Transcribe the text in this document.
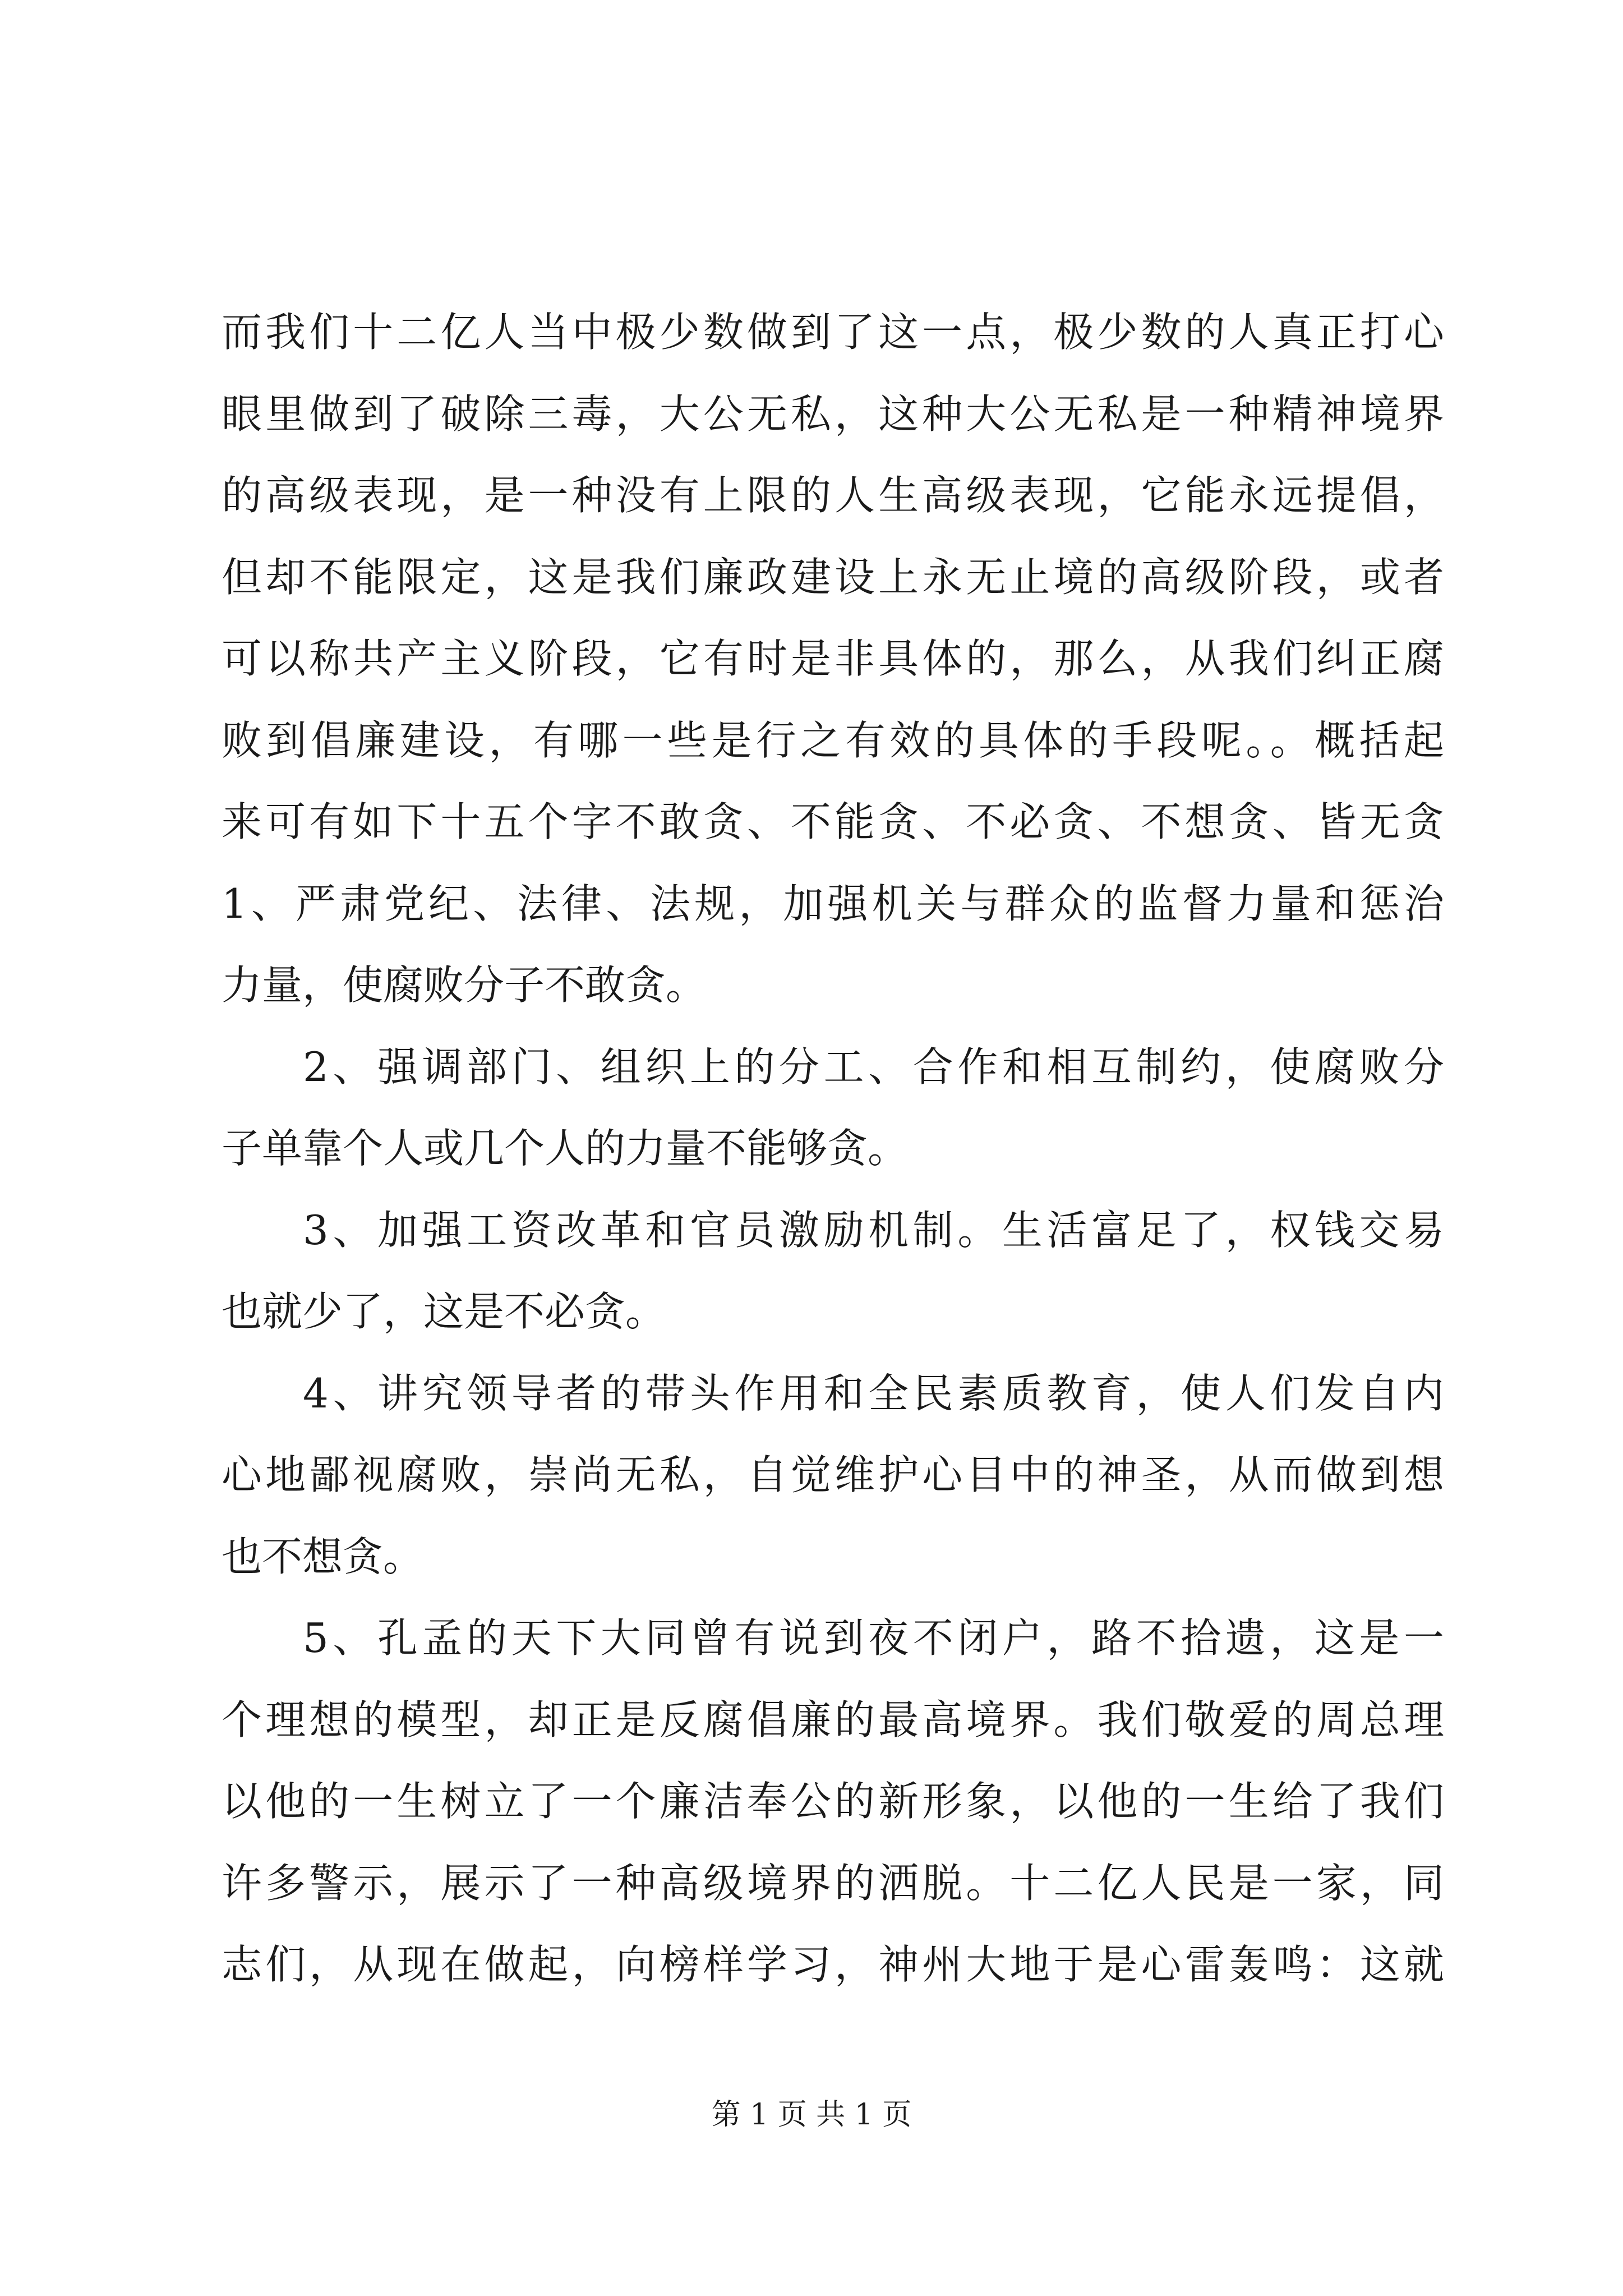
而我们十二亿人当中极少数做到了这一点，极少数的人真正打心
眼里做到了破除三毒，大公无私，这种大公无私是一种精神境界
的高级表现，是一种没有上限的人生高级表现，它能永远提倡，
但却不能限定，这是我们廉政建设上永无止境的高级阶段，或者
可以称共产主义阶段，它有时是非具体的，那么，从我们纠正腐
败到倡廉建设，有哪一些是行之有效的具体的手段呢。。概括起
来可有如下十五个字不敢贪、不能贪、不必贪、不想贪、皆无贪
1、严肃党纪、法律、法规，加强机关与群众的监督力量和惩治
力量，使腐败分子不敢贪。
2、强调部门、组织上的分工、合作和相互制约，使腐败分
子单靠个人或几个人的力量不能够贪。
3、加强工资改革和官员激励机制。生活富足了，权钱交易
也就少了，这是不必贪。
4、讲究领导者的带头作用和全民素质教育，使人们发自内
心地鄙视腐败，崇尚无私，自觉维护心目中的神圣，从而做到想
也不想贪。
5、孔孟的天下大同曾有说到夜不闭户，路不拾遗，这是一
个理想的模型，却正是反腐倡廉的最高境界。我们敬爱的周总理
以他的一生树立了一个廉洁奉公的新形象，以他的一生给了我们
许多警示，展示了一种高级境界的洒脱。十二亿人民是一家，同
志们，从现在做起，向榜样学习，神州大地于是心雷轰鸣：这就
第 1 页 共 1 页
